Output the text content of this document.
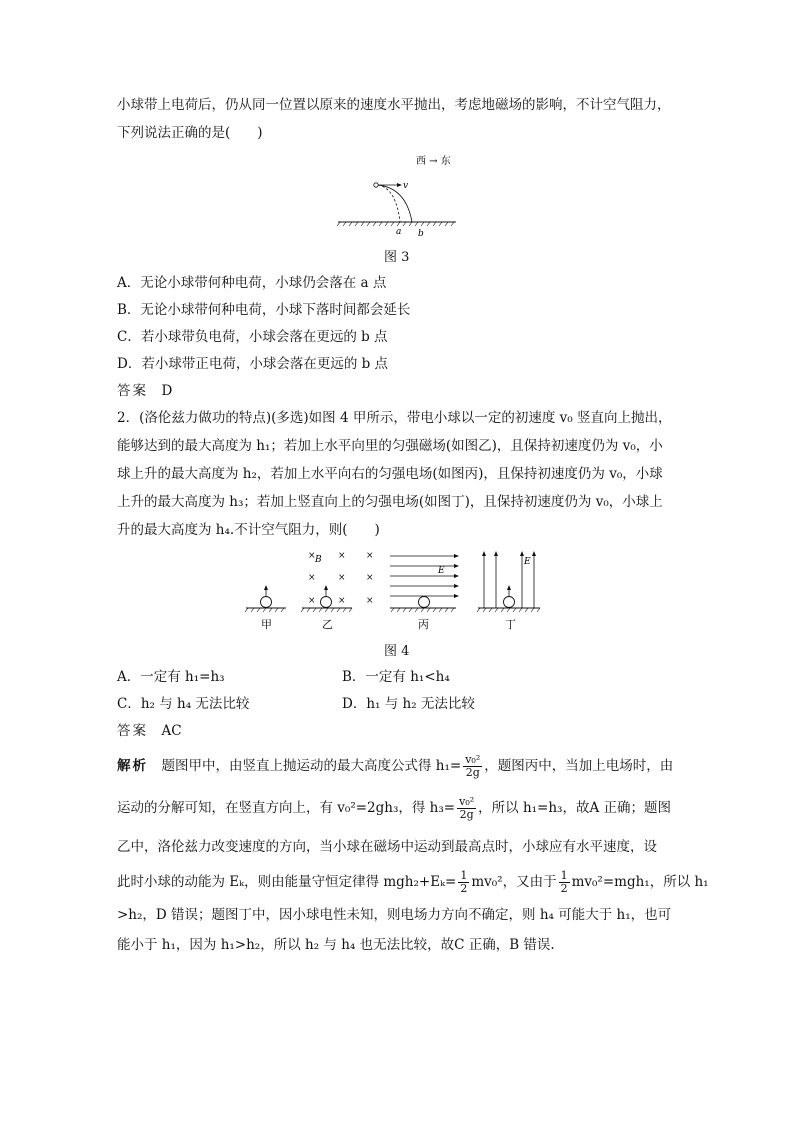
小球带上电荷后，仍从同一位置以原来的速度水平抛出，考虑地磁场的影响，不计空气阻力，
下列说法正确的是(　　)
西 → 东
v
a b
图 3
A．无论小球带何种电荷，小球仍会落在 a 点
B．无论小球带何种电荷，小球下落时间都会延长
C．若小球带负电荷，小球会落在更远的 b 点
D．若小球带正电荷，小球会落在更远的 b 点
答案　 D
2．(洛伦兹力做功的特点)(多选)如图 4 甲所示，带电小球以一定的初速度 v₀ 竖直向上抛出，
能够达到的最大高度为 h₁；若加上水平向里的匀强磁场(如图乙)，且保持初速度仍为 v₀，小
球上升的最大高度为 h₂，若加上水平向右的匀强电场(如图丙)，且保持初速度仍为 v₀，小球
上升的最大高度为 h₃；若加上竖直向上的匀强电场(如图丁)，且保持初速度仍为 v₀，小球上
升的最大高度为 h₄.不计空气阻力，则(　　)
甲
× × ×
× × ×
× × ×
B
乙
E
丙
E
丁
图 4
A．一定有 h₁=h₃	B．一定有 h₁<h₄
C．h₂ 与 h₄ 无法比较	D．h₁ 与 h₂ 无法比较
答案　 AC
解析　 题图甲中，由竖直上抛运动的最大高度公式得 $h_1= \frac{\text{v₀²}}{2g}$ ，题图丙中，当加上电场时，由
运动的分解可知，在竖直方向上，有 v₀²=2gh₃，得 $h_3= \frac{\text{v₀²}}{2g}$ ，所以 h₁=h₃，故A 正确；题图
乙中，洛伦兹力改变速度的方向，当小球在磁场中运动到最高点时，小球应有水平速度，设
此时小球的动能为 Eₖ，则由能量守恒定律得 $mgh_2+E_k= \frac{1}{2} mv_0^2$，又由于 $\frac{1}{2} mv_0^2=mgh_1$，所以 h₁
>h₂，D 错误；题图丁中，因小球电性未知，则电场力方向不确定，则 h₄ 可能大于 h₁，也可
能小于 h₁，因为 h₁>h₂，所以 h₂ 与 h₄ 也无法比较，故C 正确，B 错误.
